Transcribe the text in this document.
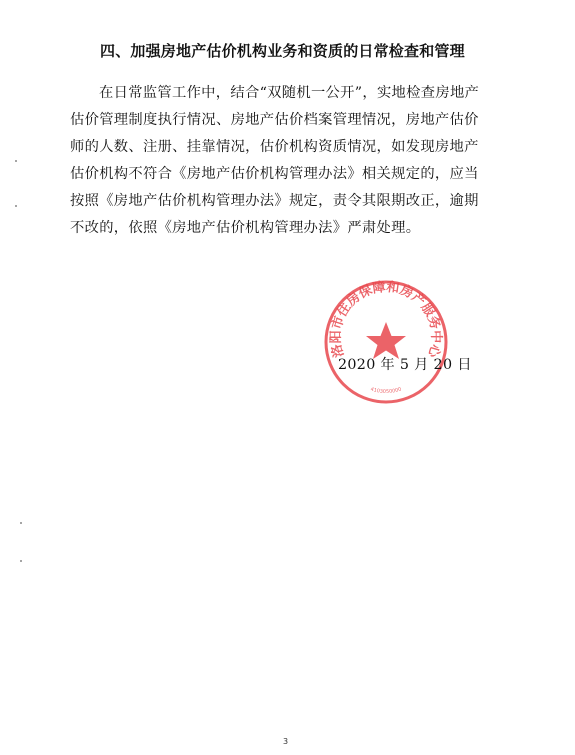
四、加强房地产估价机构业务和资质的日常检查和管理
在日常监管工作中，结合“双随机一公开”，实地检查房地产
估价管理制度执行情况、房地产估价档案管理情况，房地产估价
师的人数、注册、挂靠情况，估价机构资质情况，如发现房地产
估价机构不符合《房地产估价机构管理办法》相关规定的，应当
按照《房地产估价机构管理办法》规定，责令其限期改正，逾期
不改的，依照《房地产估价机构管理办法》严肃处理。
洛阳市住房保障和房产服务中心
4103050000
2020 年 5 月 20 日
3
